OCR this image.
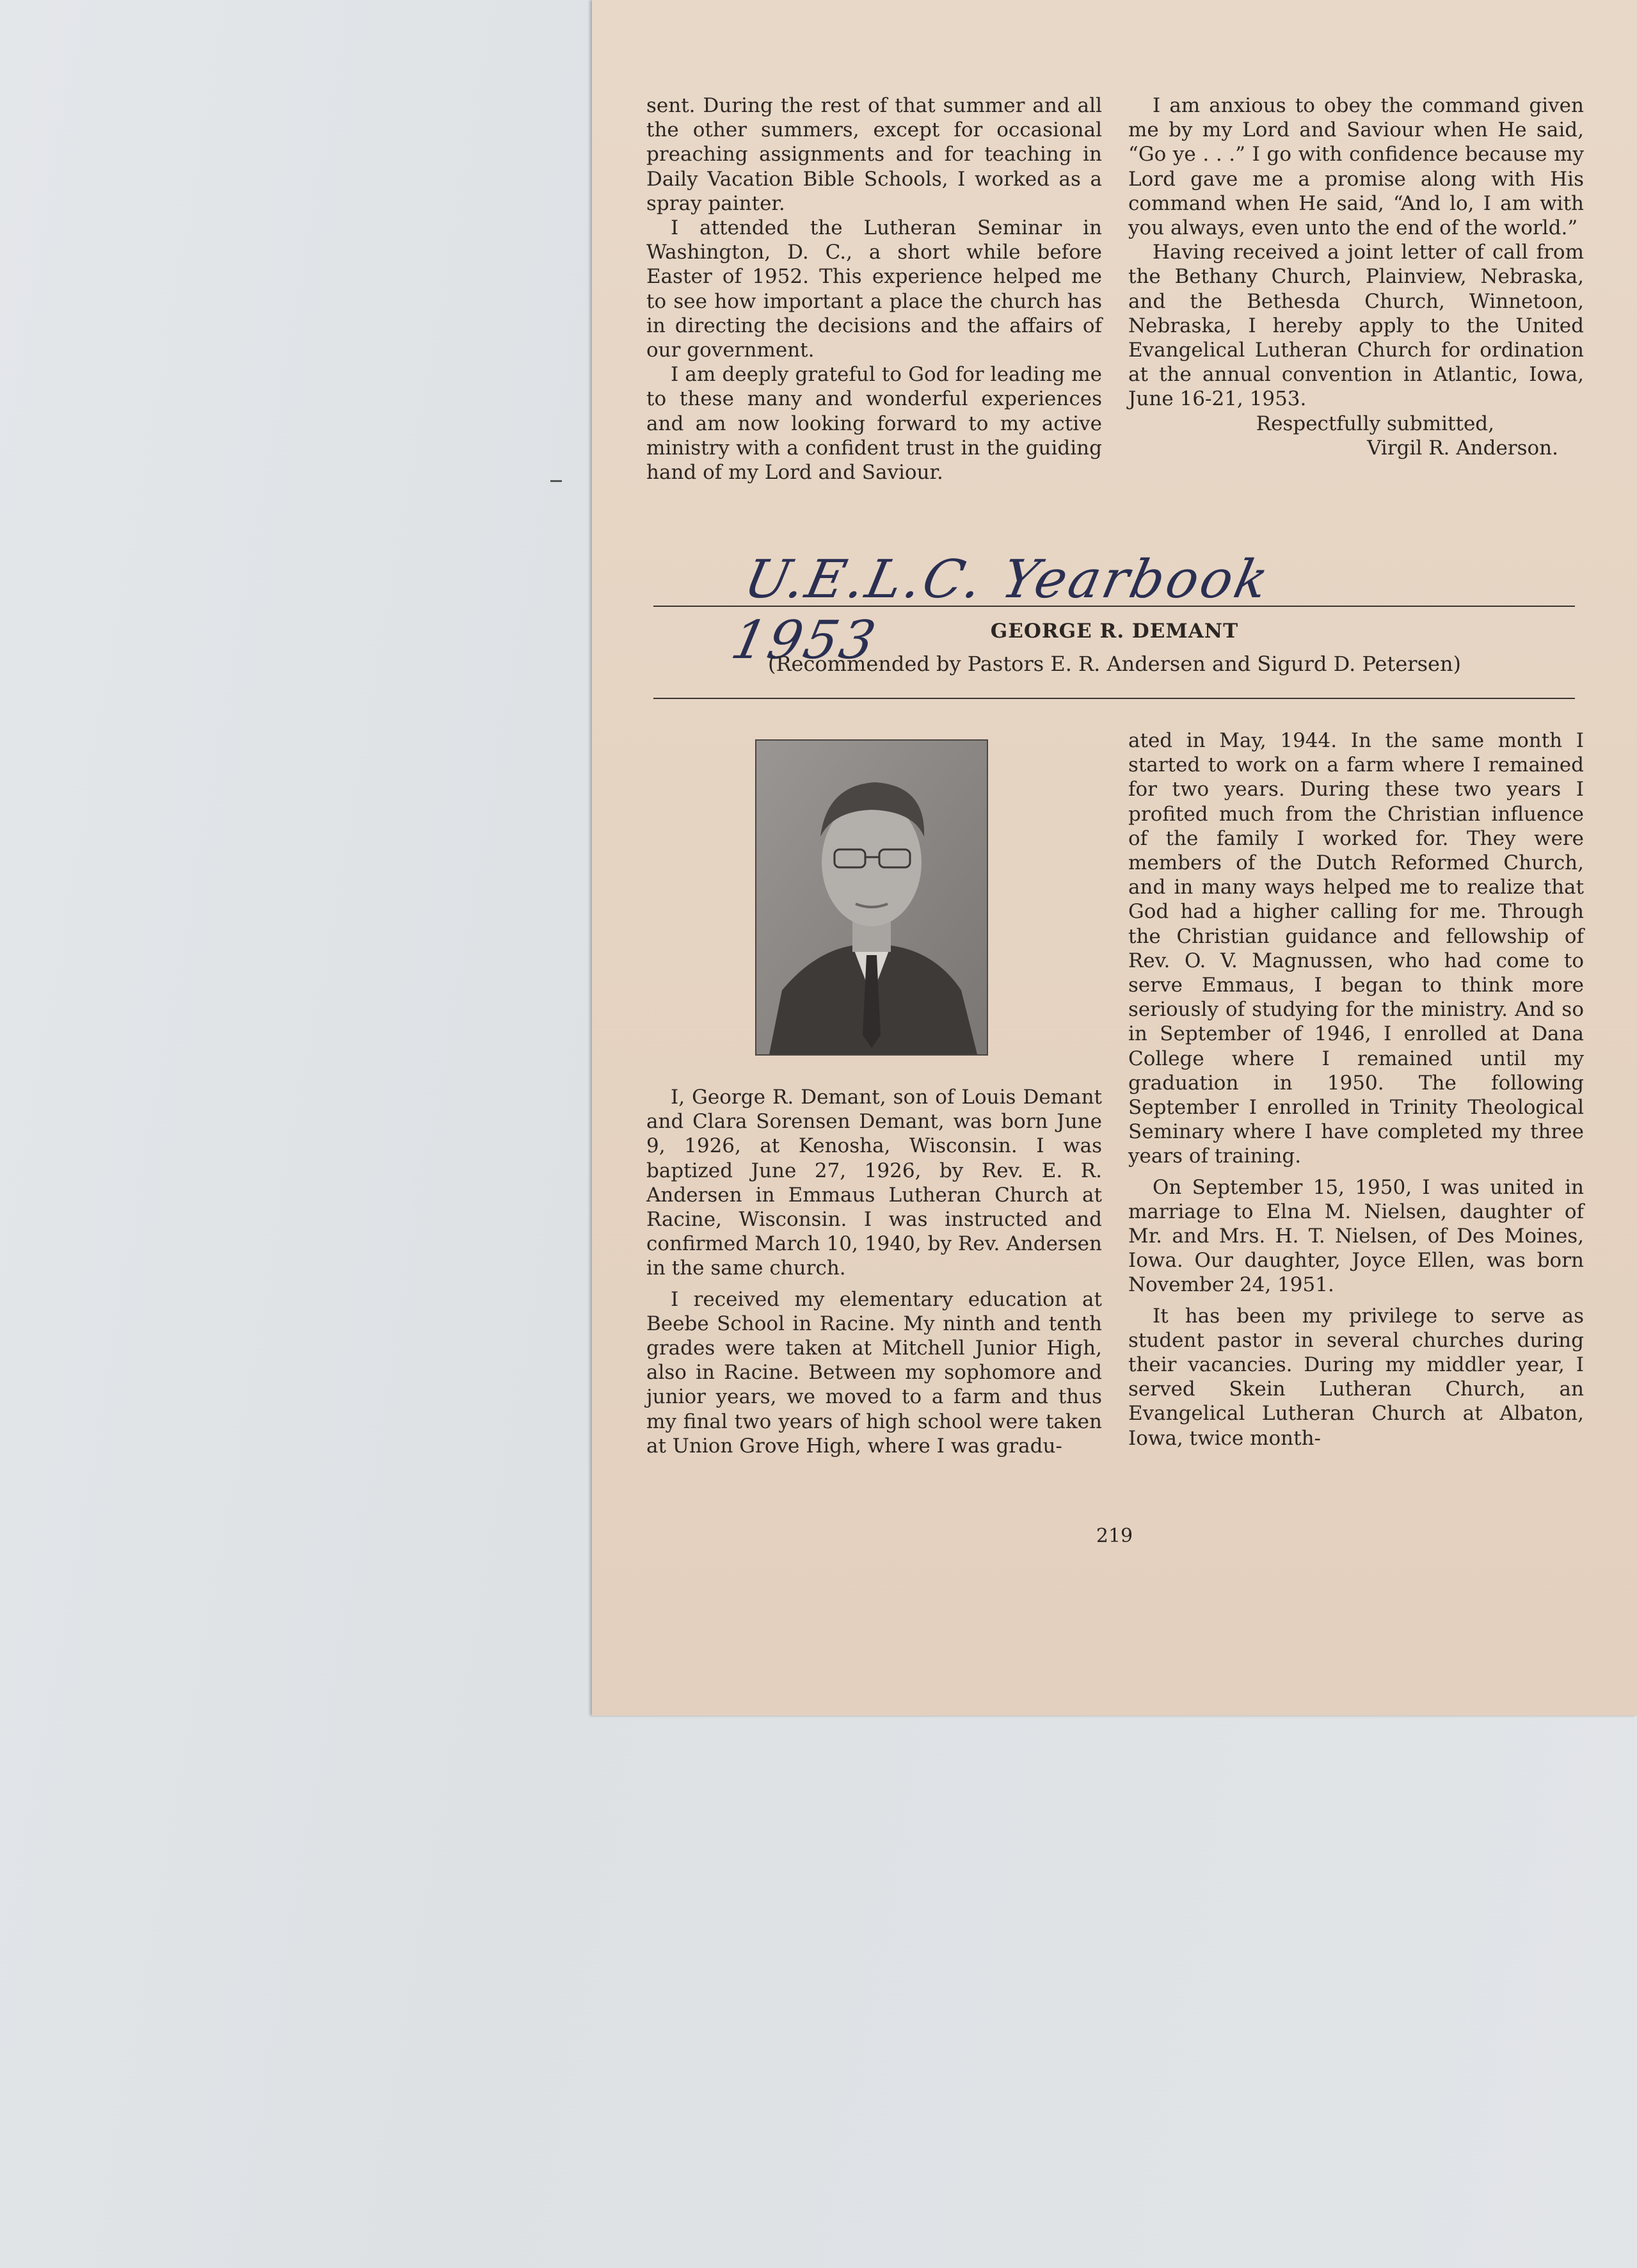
sent. During the rest of that summer and all the other summers, except for occasional preaching assignments and for teaching in Daily Vacation Bible Schools, I worked as a spray painter.

I attended the Lutheran Seminar in Washington, D. C., a short while before Easter of 1952. This experience helped me to see how important a place the church has in directing the decisions and the affairs of our government.

I am deeply grateful to God for leading me to these many and wonderful experiences and am now looking forward to my active ministry with a confident trust in the guiding hand of my Lord and Saviour.

I am anxious to obey the command given me by my Lord and Saviour when He said, “Go ye . . .” I go with confidence because my Lord gave me a promise along with His command when He said, “And lo, I am with you always, even unto the end of the world.”

Having received a joint letter of call from the Bethany Church, Plainview, Nebraska, and the Bethesda Church, Winnetoon, Nebraska, I hereby apply to the United Evangelical Lutheran Church for ordination at the annual convention in Atlantic, Iowa, June 16-21, 1953.

Respectfully submitted,

Virgil R. Anderson.

U.E.L.C. Yearbook 1953	GEORGE R. DEMANT
(Recommended by Pastors E. R. Andersen and Sigurd D. Petersen)

I, George R. Demant, son of Louis Demant and Clara Sorensen Demant, was born June 9, 1926, at Kenosha, Wisconsin. I was baptized June 27, 1926, by Rev. E. R. Andersen in Emmaus Lutheran Church at Racine, Wisconsin. I was instructed and confirmed March 10, 1940, by Rev. Andersen in the same church.

I received my elementary education at Beebe School in Racine. My ninth and tenth grades were taken at Mitchell Junior High, also in Racine. Between my sophomore and junior years, we moved to a farm and thus my final two years of high school were taken at Union Grove High, where I was gradu-

ated in May, 1944. In the same month I started to work on a farm where I remained for two years. During these two years I profited much from the Christian influence of the family I worked for. They were members of the Dutch Reformed Church, and in many ways helped me to realize that God had a higher calling for me. Through the Christian guidance and fellowship of Rev. O. V. Magnussen, who had come to serve Emmaus, I began to think more seriously of studying for the ministry. And so in September of 1946, I enrolled at Dana College where I remained until my graduation in 1950. The following September I enrolled in Trinity Theological Seminary where I have completed my three years of training.

On September 15, 1950, I was united in marriage to Elna M. Nielsen, daughter of Mr. and Mrs. H. T. Nielsen, of Des Moines, Iowa. Our daughter, Joyce Ellen, was born November 24, 1951.

It has been my privilege to serve as student pastor in several churches during their vacancies. During my middler year, I served Skein Lutheran Church, an Evangelical Lutheran Church at Albaton, Iowa, twice month-

219
